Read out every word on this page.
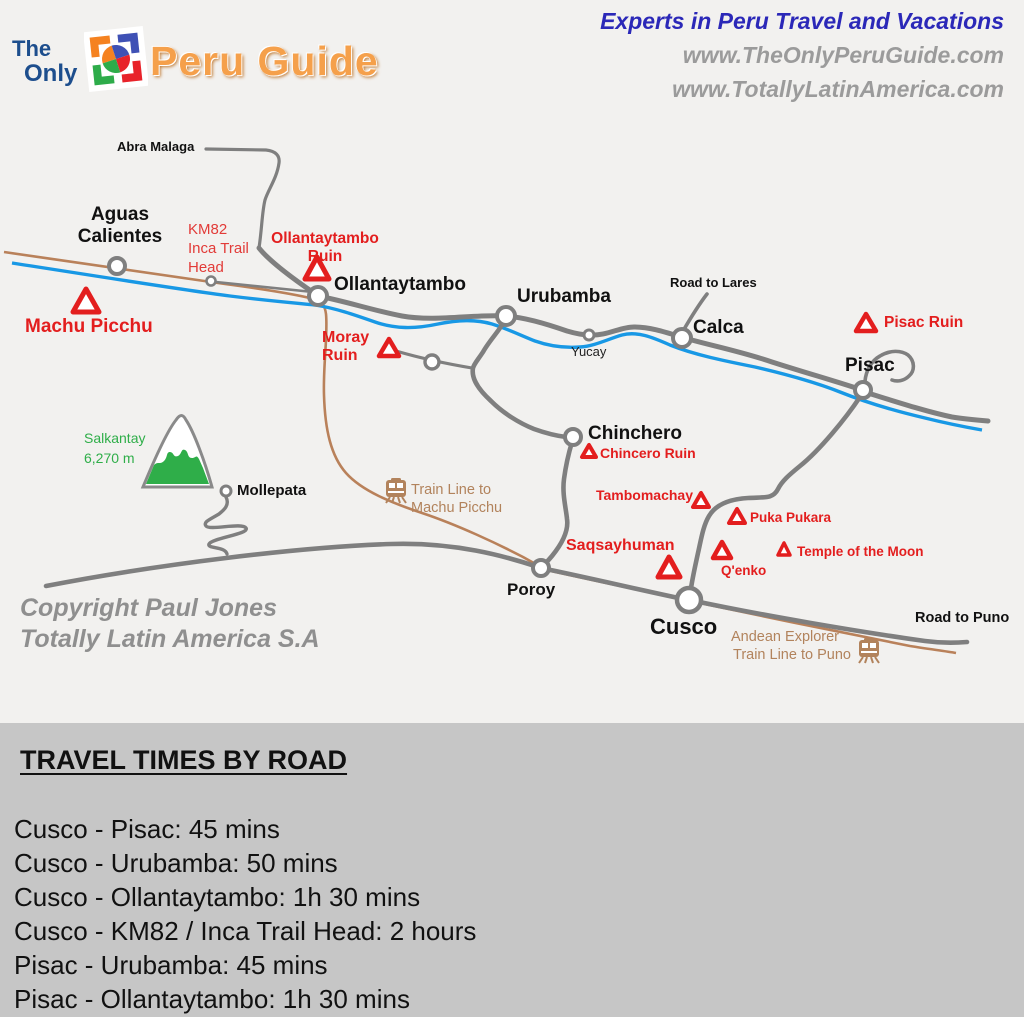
The
Only Peru Guide
Experts in Peru Travel and Vacations
www.TheOnlyPeruGuide.com
www.TotallyLatinAmerica.com
Abra Malaga
Aguas Calientes
Ollantaytambo
Urubamba
Yucay
Calca
Road to Lares
Pisac
Chinchero
Mollepata
Poroy
Cusco	Road to Puno
Machu Picchu
Ollantaytambo Ruin
KM82 Inca Trail Head
Moray Ruin
Pisac Ruin
Chincero Ruin
Tambomachay
Puka Pukara
Temple of the Moon
Q'enko
Saqsayhuman
Salkantay
6,270 m
Train Line to
Machu Picchu
Andean Explorer
Train Line to Puno
Copyright Paul Jones
Totally Latin America S.A
TRAVEL TIMES BY ROAD
Cusco - Pisac: 45 mins
Cusco - Urubamba: 50 mins
Cusco - Ollantaytambo: 1h 30 mins
Cusco - KM82 / Inca Trail Head: 2 hours
Pisac - Urubamba: 45 mins
Pisac - Ollantaytambo: 1h 30 mins
